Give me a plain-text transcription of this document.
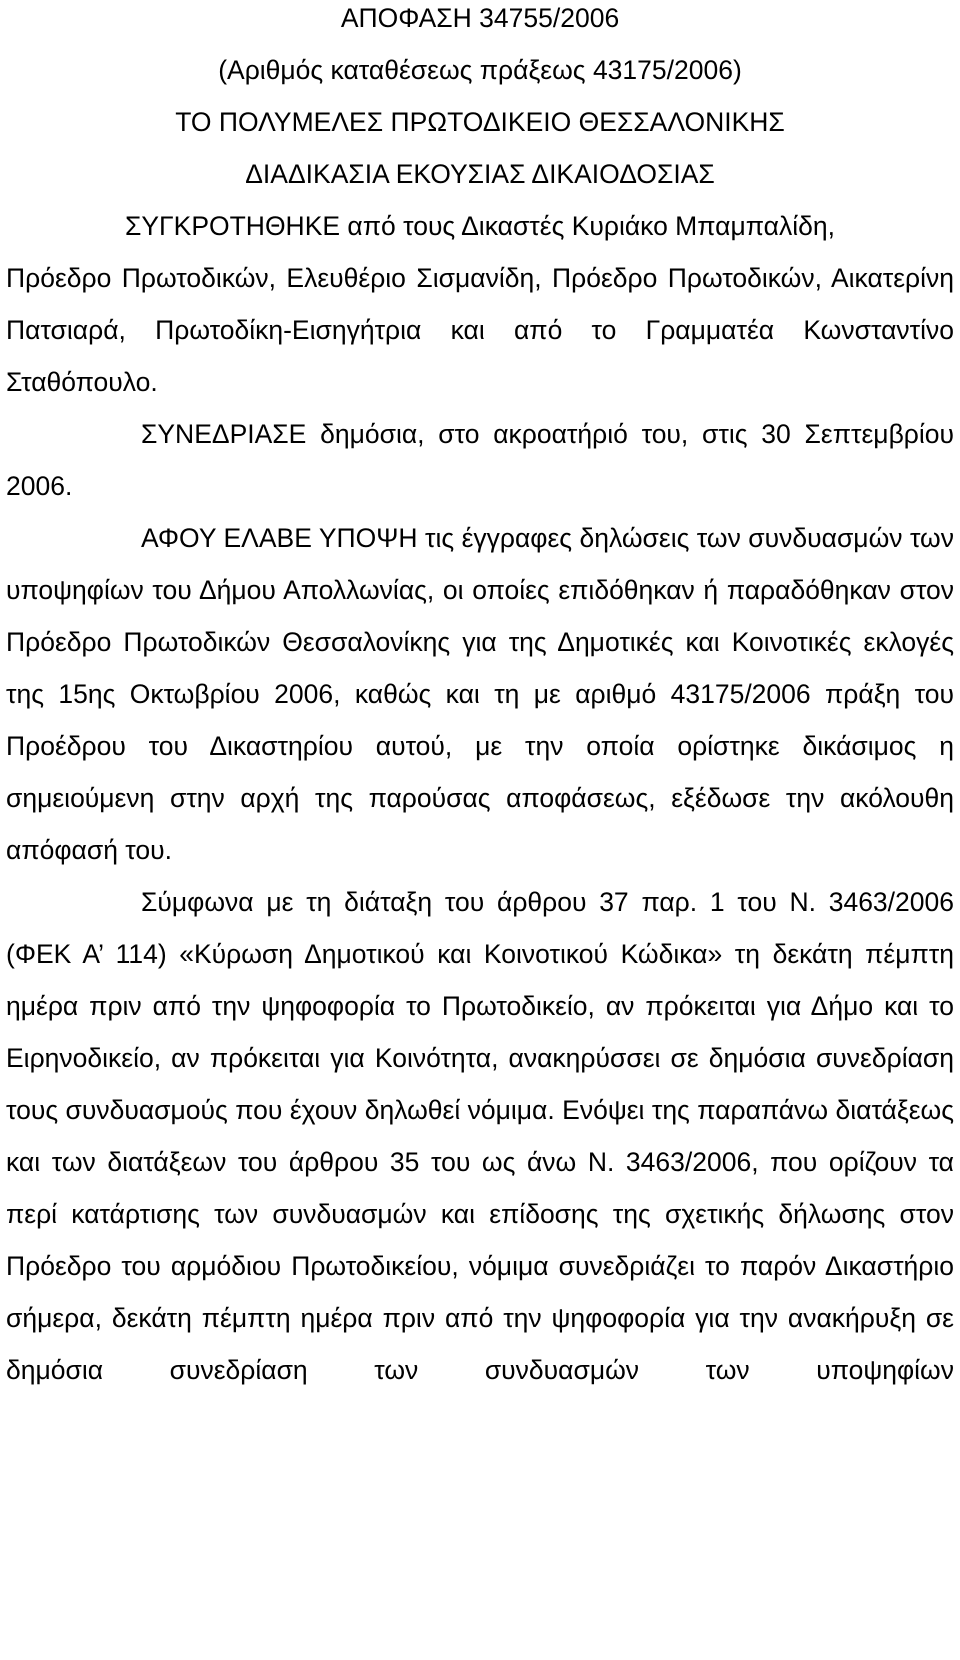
ΑΠΟΦΑΣΗ 34755/2006

(Αριθμός καταθέσεως πράξεως 43175/2006)

ΤΟ ΠΟΛΥΜΕΛΕΣ ΠΡΩΤΟΔΙΚΕΙΟ ΘΕΣΣΑΛΟΝΙΚΗΣ

ΔΙΑΔΙΚΑΣΙΑ ΕΚΟΥΣΙΑΣ ΔΙΚΑΙΟΔΟΣΙΑΣ

ΣΥΓΚΡΟΤΗΘΗΚΕ από τους Δικαστές Κυριάκο Μπαμπαλίδη,

Πρόεδρο Πρωτοδικών, Ελευθέριο Σισμανίδη, Πρόεδρο Πρωτοδικών, Αικατερίνη Πατσιαρά, Πρωτοδίκη-Εισηγήτρια και από το Γραμματέα Κωνσταντίνο Σταθόπουλο.

ΣΥΝΕΔΡΙΑΣΕ δημόσια, στο ακροατήριό του, στις 30 Σεπτεμβρίου 2006.

ΑΦΟΥ ΕΛΑΒΕ ΥΠΟΨΗ τις έγγραφες δηλώσεις των συνδυασμών των υποψηφίων του Δήμου Απολλωνίας, οι οποίες επιδόθηκαν ή παραδόθηκαν στον Πρόεδρο Πρωτοδικών Θεσσαλονίκης για της Δημοτικές και Κοινοτικές εκλογές της 15ης Οκτωβρίου 2006, καθώς και τη με αριθμό 43175/2006 πράξη του Προέδρου του Δικαστηρίου αυτού, με την οποία ορίστηκε δικάσιμος η σημειούμενη στην αρχή της παρούσας αποφάσεως, εξέδωσε την ακόλουθη απόφασή του.

Σύμφωνα με τη διάταξη του άρθρου 37 παρ. 1 του Ν. 3463/2006 (ΦΕΚ Α’ 114) «Κύρωση Δημοτικού και Κοινοτικού Κώδικα» τη δεκάτη πέμπτη ημέρα πριν από την ψηφοφορία το Πρωτοδικείο, αν πρόκειται για Δήμο και το Ειρηνοδικείο, αν πρόκειται για Κοινότητα, ανακηρύσσει σε δημόσια συνεδρίαση τους συνδυασμούς που έχουν δηλωθεί νόμιμα. Ενόψει της παραπάνω διατάξεως και των διατάξεων του άρθρου 35 του ως άνω Ν. 3463/2006, που ορίζουν τα περί κατάρτισης των συνδυασμών και επίδοσης της σχετικής δήλωσης στον Πρόεδρο του αρμόδιου Πρωτοδικείου, νόμιμα συνεδριάζει το παρόν Δικαστήριο σήμερα, δεκάτη πέμπτη ημέρα πριν από την ψηφοφορία για την ανακήρυξη σε δημόσια συνεδρίαση των συνδυασμών των υποψηφίων
